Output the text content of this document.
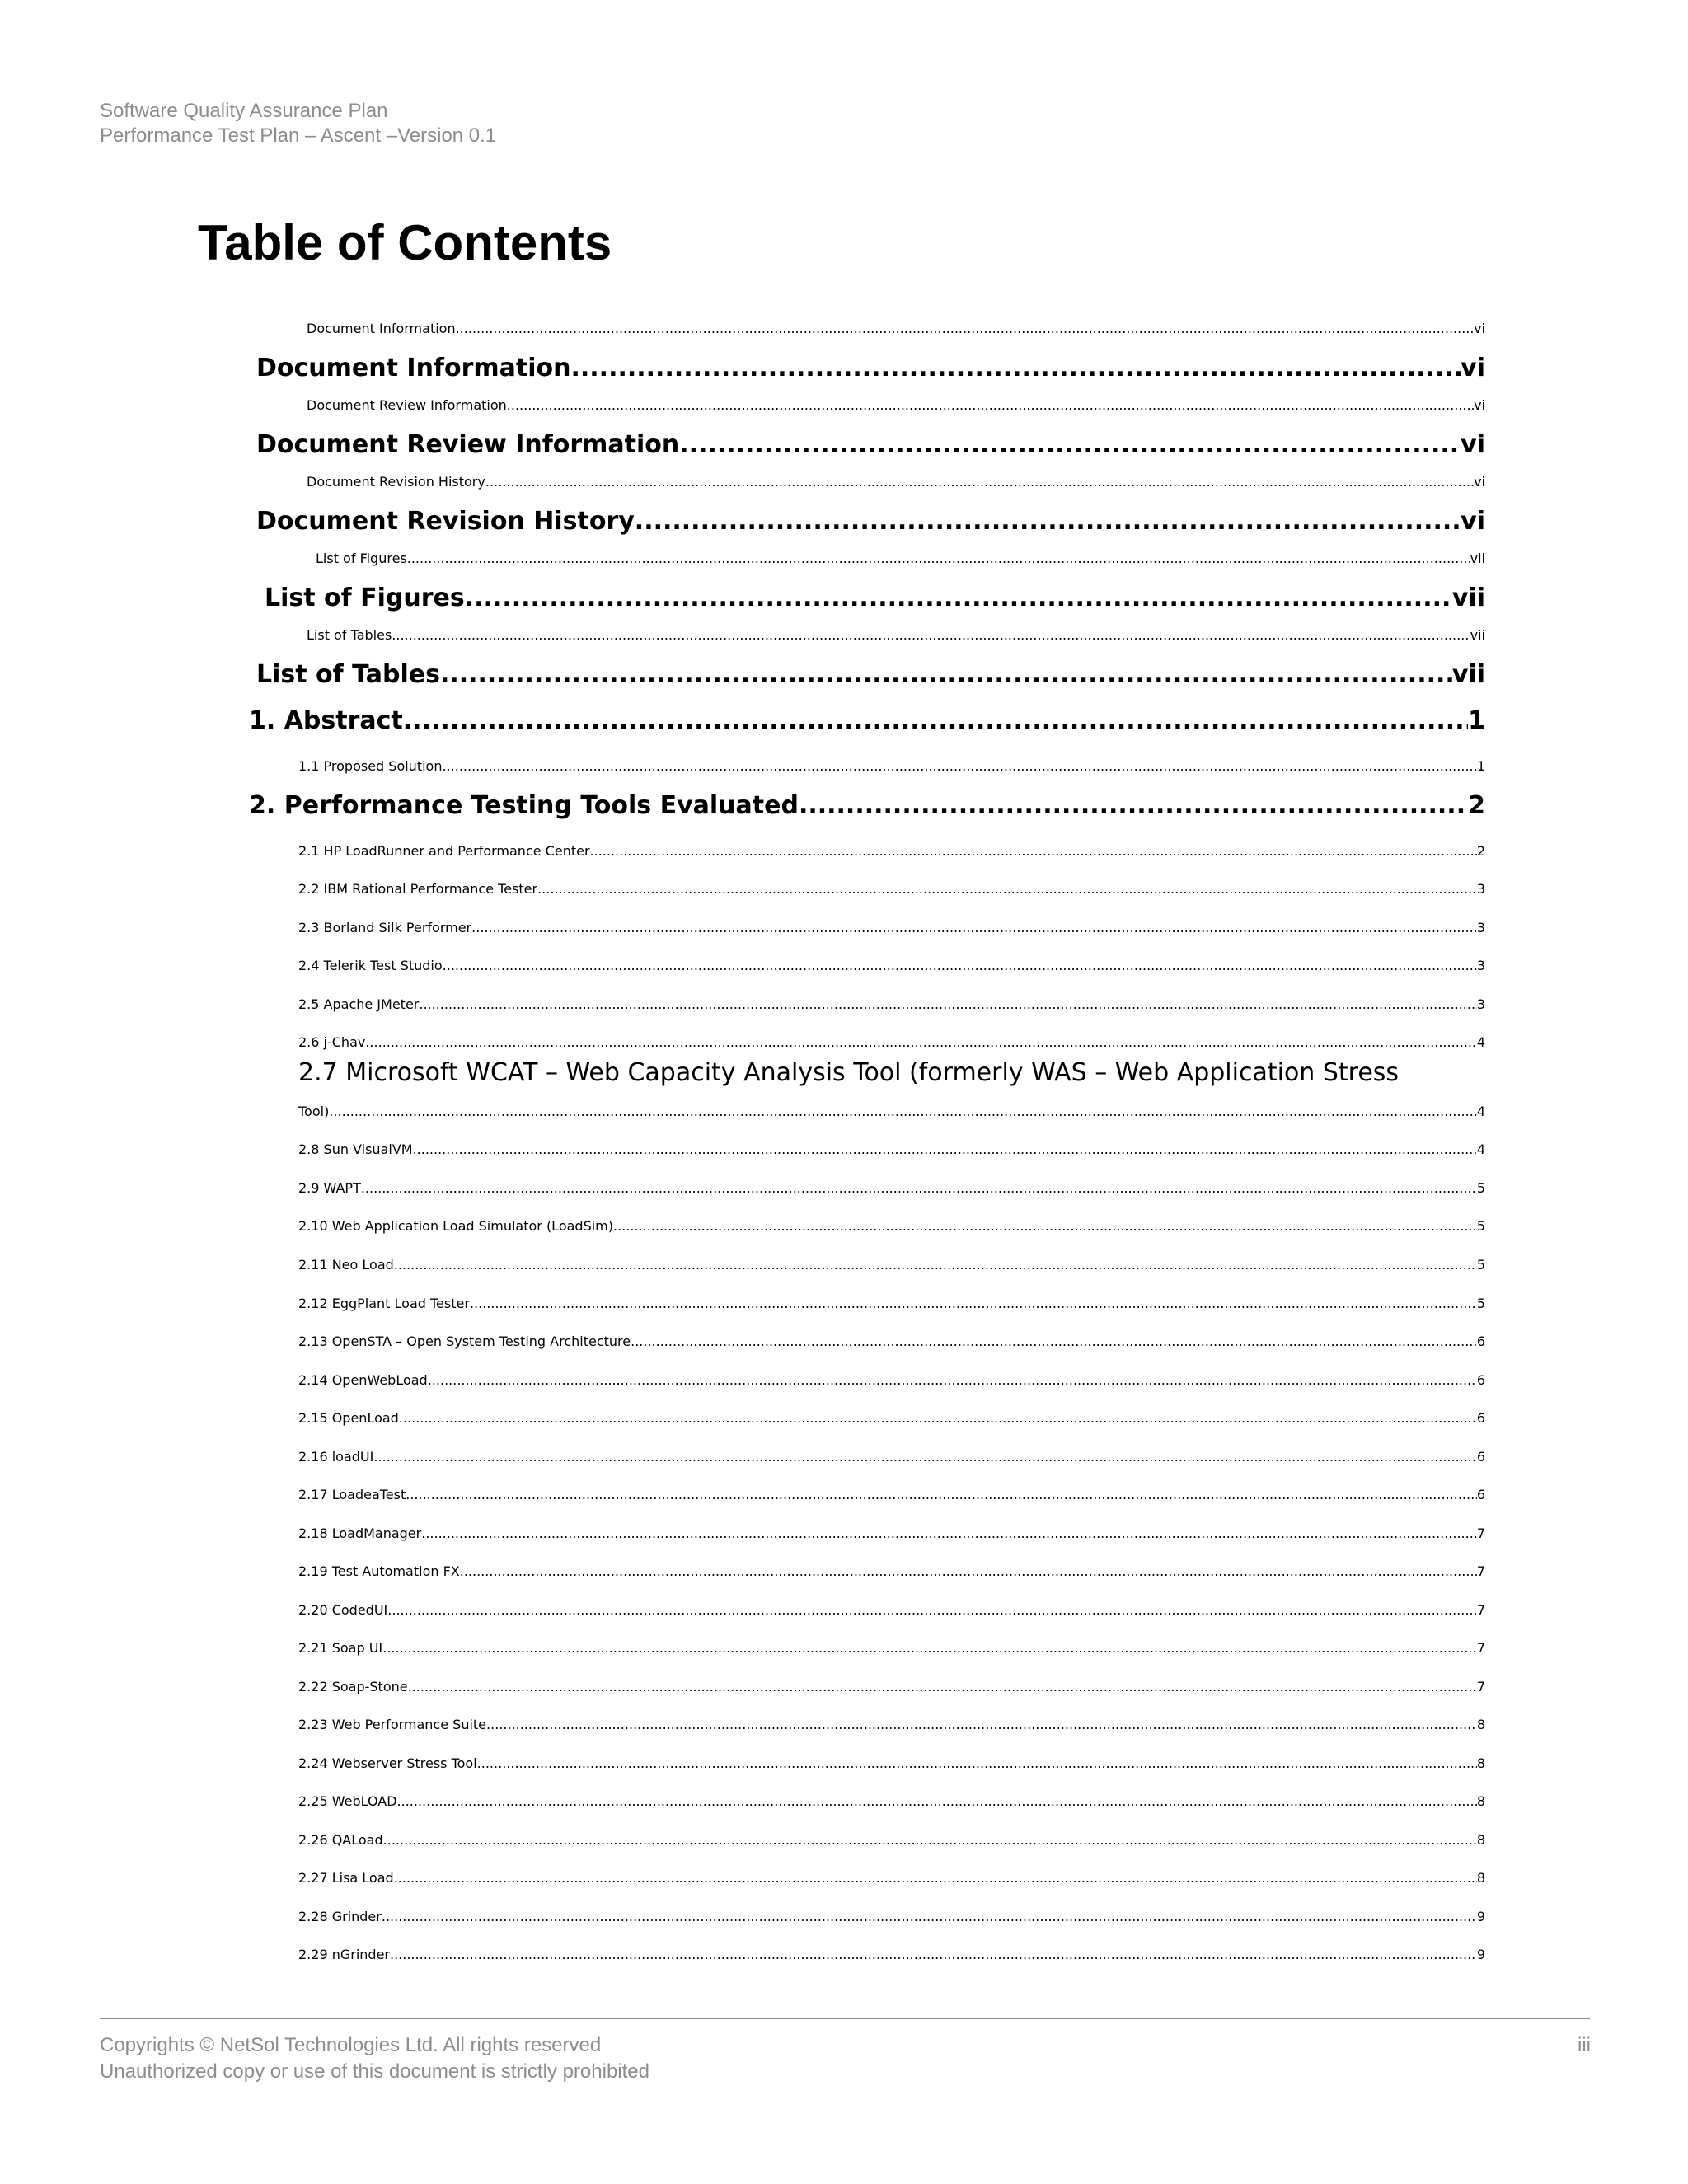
Software Quality Assurance Plan
Performance Test Plan – Ascent –Version 0.1
Table of Contents
Document Information .....	vi
Document Information .....	vi
Document Review Information .....	vi
Document Review Information .....	vi
Document Revision History .....	vi
Document Revision History .....	vi
List of Figures .....	vii
List of Figures .....	vii
List of Tables .....	vii
List of Tables .....	vii
1. Abstract .....	1
1.1 Proposed Solution .....	1
2. Performance Testing Tools Evaluated .....	2
2.1 HP LoadRunner and Performance Center .....	2
2.2 IBM Rational Performance Tester .....	3
2.3 Borland Silk Performer .....	3
2.4 Telerik Test Studio .....	3
2.5 Apache JMeter .....	3
2.6 j-Chav .....	4
2.7 Microsoft WCAT – Web Capacity Analysis Tool (formerly WAS – Web Application Stress
Tool) .....	4
2.8 Sun VisualVM .....	4
2.9 WAPT .....	5
2.10 Web Application Load Simulator (LoadSim) .....	5
2.11 Neo Load .....	5
2.12 EggPlant Load Tester .....	5
2.13 OpenSTA – Open System Testing Architecture .....	6
2.14 OpenWebLoad .....	6
2.15 OpenLoad .....	6
2.16 loadUI .....	6
2.17 LoadeaTest .....	6
2.18 LoadManager .....	7
2.19 Test Automation FX .....	7
2.20 CodedUI .....	7
2.21 Soap UI .....	7
2.22 Soap-Stone .....	7
2.23 Web Performance Suite .....	8
2.24 Webserver Stress Tool .....	8
2.25 WebLOAD .....	8
2.26 QALoad .....	8
2.27 Lisa Load .....	8
2.28 Grinder .....	9
2.29 nGrinder .....	9
Copyrights © NetSol Technologies Ltd. All rights reserved
Unauthorized copy or use of this document is strictly prohibited
iii
